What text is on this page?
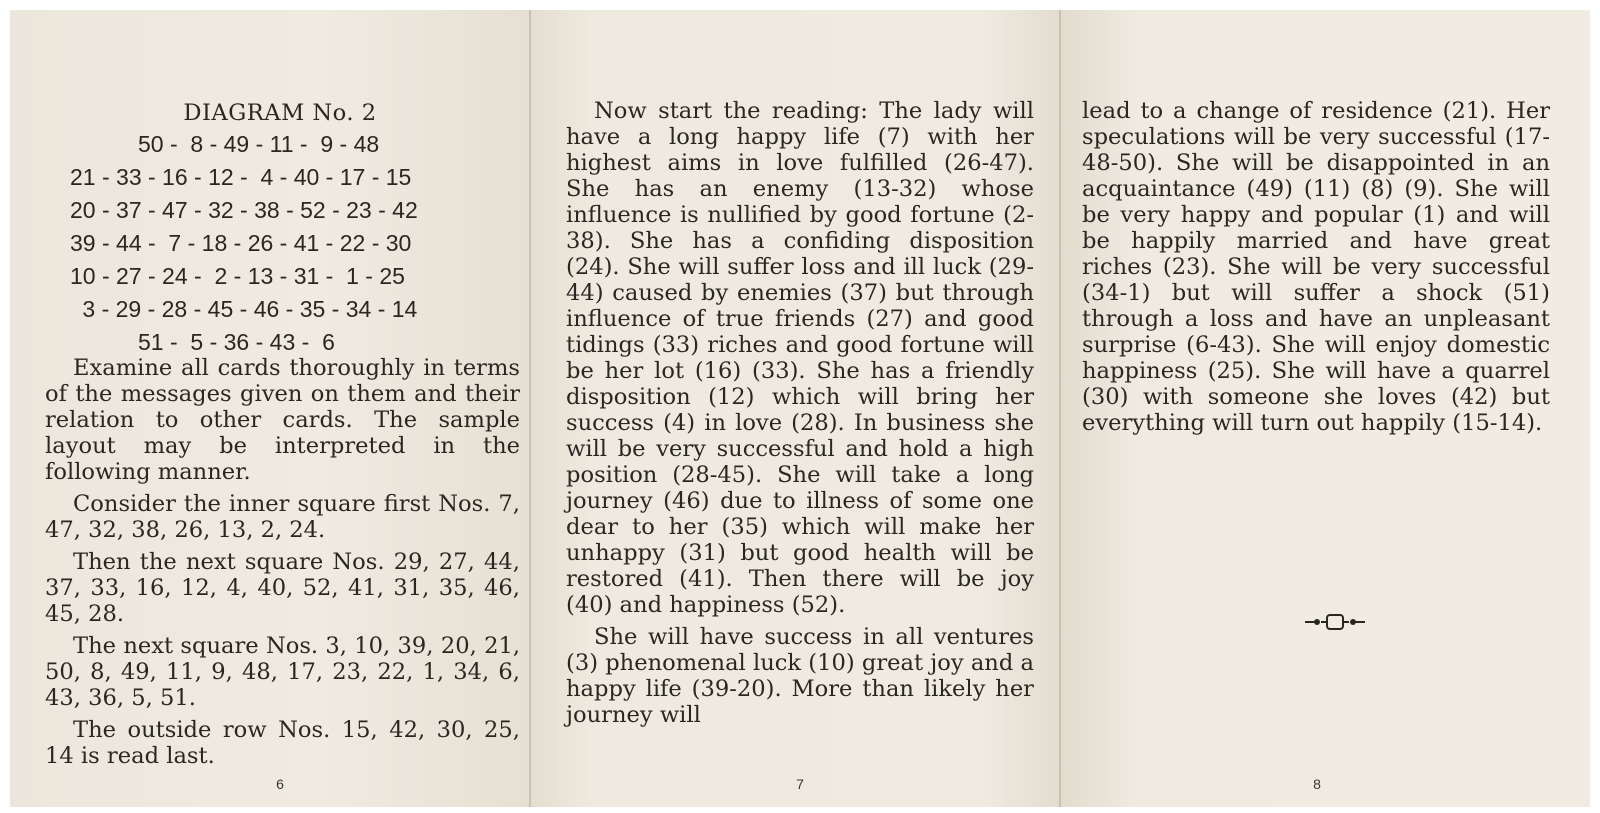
DIAGRAM No. 2
50 -  8 - 49 - 11 -  9 - 48
21 - 33 - 16 - 12 -  4 - 40 - 17 - 15
20 - 37 - 47 - 32 - 38 - 52 - 23 - 42
39 - 44 -  7 - 18 - 26 - 41 - 22 - 30
10 - 27 - 24 -  2 - 13 - 31 -  1 - 25
3 - 29 - 28 - 45 - 46 - 35 - 34 - 14
51 -  5 - 36 - 43 -  6

Examine all cards thoroughly in terms of the messages given on them and their relation to other cards. The sample layout may be interpreted in the following manner.

Consider the inner square first Nos. 7, 47, 32, 38, 26, 13, 2, 24.

Then the next square Nos. 29, 27, 44, 37, 33, 16, 12, 4, 40, 52, 41, 31, 35, 46, 45, 28.

The next square Nos. 3, 10, 39, 20, 21, 50, 8, 49, 11, 9, 48, 17, 23, 22, 1, 34, 6, 43, 36, 5, 51.

The outside row Nos. 15, 42, 30, 25, 14 is read last.

6

Now start the reading: The lady will have a long happy life (7) with her highest aims in love fulfilled (26-47). She has an enemy (13-32) whose influence is nullified by good fortune (2-38). She has a confiding disposition (24). She will suffer loss and ill luck (29-44) caused by enemies (37) but through influence of true friends (27) and good tidings (33) riches and good fortune will be her lot (16) (33). She has a friendly disposition (12) which will bring her success (4) in love (28). In business she will be very successful and hold a high position (28-45). She will take a long journey (46) due to illness of some one dear to her (35) which will make her unhappy (31) but good health will be restored (41). Then there will be joy (40) and happiness (52).

She will have success in all ventures (3) phenomenal luck (10) great joy and a happy life (39-20). More than likely her journey will

7

lead to a change of residence (21). Her speculations will be very successful (17-48-50). She will be disappointed in an acquaintance (49) (11) (8) (9). She will be very happy and popular (1) and will be happily married and have great riches (23). She will be very successful (34-1) but will suffer a shock (51) through a loss and have an unpleasant surprise (6-43). She will enjoy domestic happiness (25). She will have a quarrel (30) with someone she loves (42) but everything will turn out happily (15-14).

8
